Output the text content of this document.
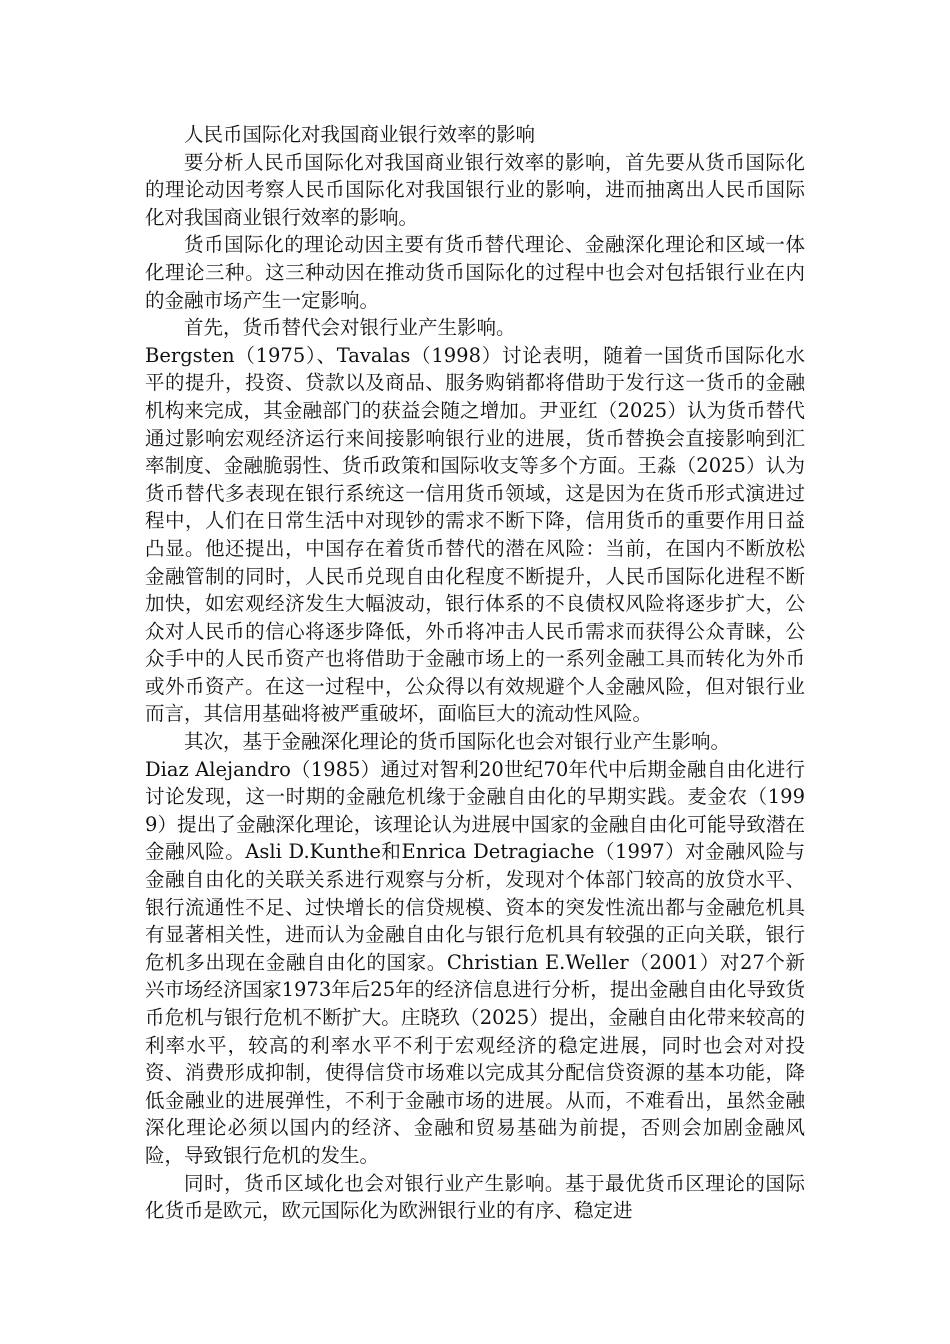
人民币国际化对我国商业银行效率的影响

要分析人民币国际化对我国商业银行效率的影响，首先要从货币国际化的理论动因考察人民币国际化对我国银行业的影响，进而抽离出人民币国际化对我国商业银行效率的影响。

货币国际化的理论动因主要有货币替代理论、金融深化理论和区域一体化理论三种。这三种动因在推动货币国际化的过程中也会对包括银行业在内的金融市场产生一定影响。

首先，货币替代会对银行业产生影响。

Bergsten（1975）、Tavalas（1998）讨论表明，随着一国货币国际化水平的提升，投资、贷款以及商品、服务购销都将借助于发行这一货币的金融机构来完成，其金融部门的获益会随之增加。尹亚红（2025）认为货币替代通过影响宏观经济运行来间接影响银行业的进展，货币替换会直接影响到汇率制度、金融脆弱性、货币政策和国际收支等多个方面。王淼（2025）认为货币替代多表现在银行系统这一信用货币领域，这是因为在货币形式演进过程中，人们在日常生活中对现钞的需求不断下降，信用货币的重要作用日益凸显。他还提出，中国存在着货币替代的潜在风险：当前，在国内不断放松金融管制的同时，人民币兑现自由化程度不断提升，人民币国际化进程不断加快，如宏观经济发生大幅波动，银行体系的不良债权风险将逐步扩大，公众对人民币的信心将逐步降低，外币将冲击人民币需求而获得公众青睐，公众手中的人民币资产也将借助于金融市场上的一系列金融工具而转化为外币或外币资产。在这一过程中，公众得以有效规避个人金融风险，但对银行业而言，其信用基础将被严重破坏，面临巨大的流动性风险。

其次，基于金融深化理论的货币国际化也会对银行业产生影响。

Diaz Alejandro（1985）通过对智利20世纪70年代中后期金融自由化进行讨论发现，这一时期的金融危机缘于金融自由化的早期实践。麦金农（1999）提出了金融深化理论，该理论认为进展中国家的金融自由化可能导致潜在金融风险。Asli D.Kunthe和Enrica Detragiache（1997）对金融风险与金融自由化的关联关系进行观察与分析，发现对个体部门较高的放贷水平、银行流通性不足、过快增长的信贷规模、资本的突发性流出都与金融危机具有显著相关性，进而认为金融自由化与银行危机具有较强的正向关联，银行危机多出现在金融自由化的国家。Christian E.Weller（2001）对27个新兴市场经济国家1973年后25年的经济信息进行分析，提出金融自由化导致货币危机与银行危机不断扩大。庄晓玖（2025）提出，金融自由化带来较高的利率水平，较高的利率水平不利于宏观经济的稳定进展，同时也会对对投资、消费形成抑制，使得信贷市场难以完成其分配信贷资源的基本功能，降低金融业的进展弹性，不利于金融市场的进展。从而，不难看出，虽然金融深化理论必须以国内的经济、金融和贸易基础为前提，否则会加剧金融风险，导致银行危机的发生。

同时，货币区域化也会对银行业产生影响。基于最优货币区理论的国际化货币是欧元，欧元国际化为欧洲银行业的有序、稳定进
